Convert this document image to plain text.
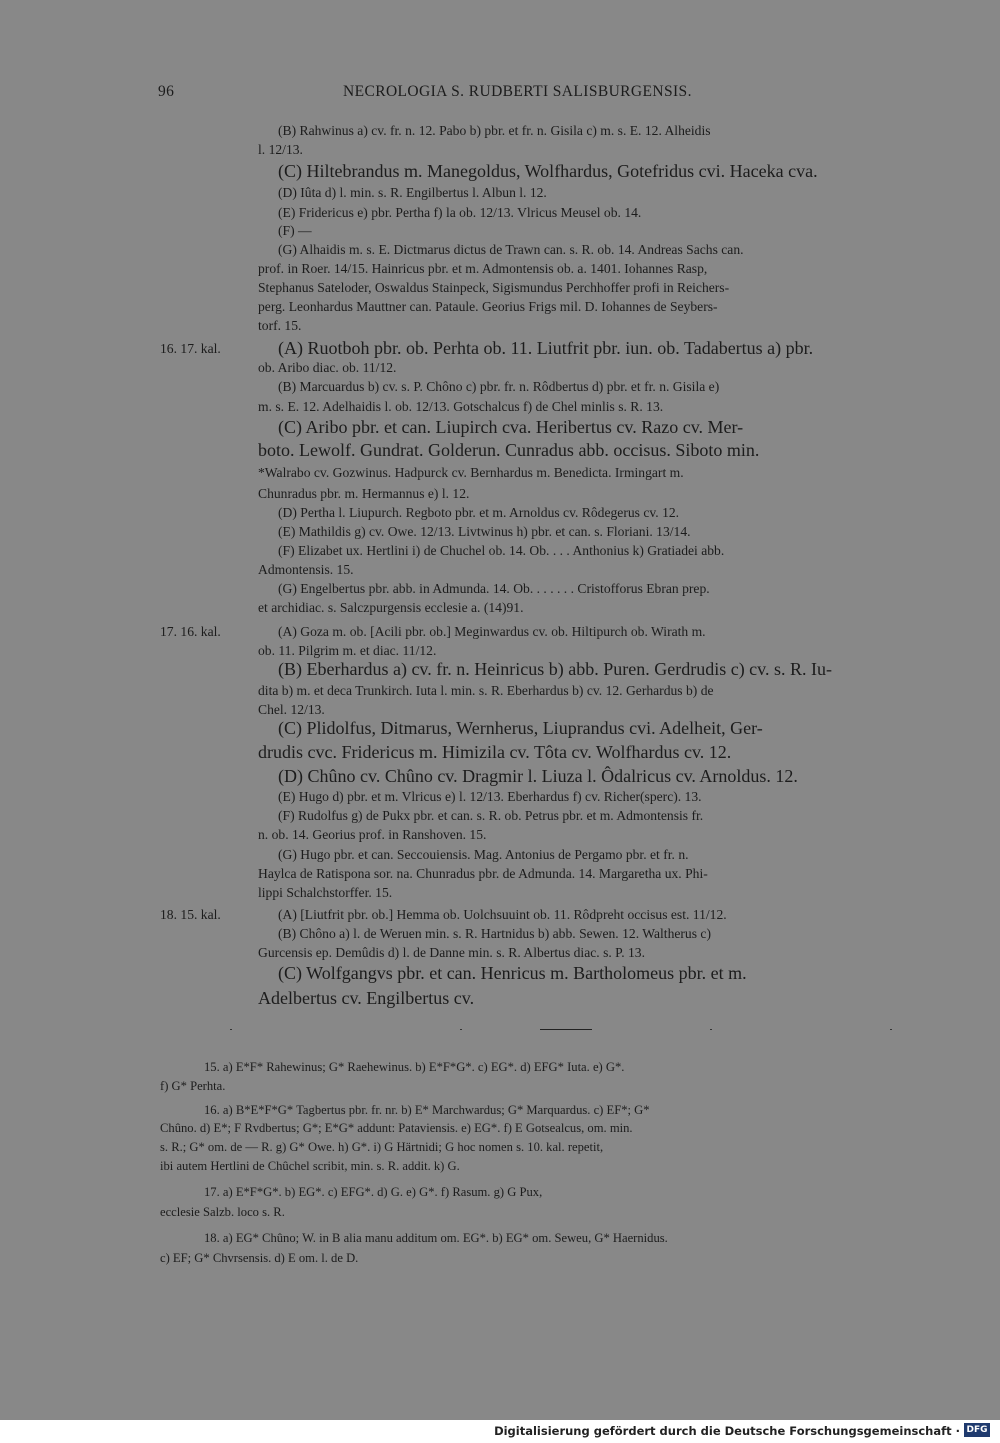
96	NECROLOGIA S. RUDBERTI SALISBURGENSIS.
(B) Rahwinus a) cv. fr. n. 12. Pabo b) pbr. et fr. n. Gisila c) m. s. E. 12. Alheidis
l. 12/13.
(C) Hiltebrandus m. Manegoldus, Wolfhardus, Gotefridus cvi. Haceka cva.
(D) Iûta d) l. min. s. R. Engilbertus l. Albun l. 12.
(E) Fridericus e) pbr. Pertha f) la ob. 12/13. Vlricus Meusel ob. 14.
(F) —
(G) Alhaidis m. s. E. Dictmarus dictus de Trawn can. s. R. ob. 14. Andreas Sachs can.
prof. in Roer. 14/15. Hainricus pbr. et m. Admontensis ob. a. 1401. Iohannes Rasp,
Stephanus Sateloder, Oswaldus Stainpeck, Sigismundus Perchhoffer profi in Reichers-
perg. Leonhardus Mauttner can. Pataule. Georius Frigs mil. D. Iohannes de Seybers-
torf. 15.
16. 17. kal.	(A) Ruotboh pbr. ob. Perhta ob. 11. Liutfrit pbr. iun. ob. Tadabertus a) pbr.
ob. Aribo diac. ob. 11/12.
(B) Marcuardus b) cv. s. P. Chôno c) pbr. fr. n. Rôdbertus d) pbr. et fr. n. Gisila e)
m. s. E. 12. Adelhaidis l. ob. 12/13. Gotschalcus f) de Chel minlis s. R. 13.
(C) Aribo pbr. et can. Liupirch cva. Heribertus cv. Razo cv. Mer-
boto. Lewolf. Gundrat. Golderun. Cunradus abb. occisus. Siboto min.
*Walrabo cv. Gozwinus. Hadpurck cv. Bernhardus m. Benedicta. Irmingart m.
Chunradus pbr. m. Hermannus e) l. 12.
(D) Pertha l. Liupurch. Regboto pbr. et m. Arnoldus cv. Rôdegerus cv. 12.
(E) Mathildis g) cv. Owe. 12/13. Livtwinus h) pbr. et can. s. Floriani. 13/14.
(F) Elizabet ux. Hertlini i) de Chuchel ob. 14. Ob. . . . Anthonius k) Gratiadei abb.
Admontensis. 15.
(G) Engelbertus pbr. abb. in Admunda. 14. Ob. . . . . . . Cristofforus Ebran prep.
et archidiac. s. Salczpurgensis ecclesie a. (14)91.
17. 16. kal.	(A) Goza m. ob. [Acili pbr. ob.] Meginwardus cv. ob. Hiltipurch ob. Wirath m.
ob. 11. Pilgrim m. et diac. 11/12.
(B) Eberhardus a) cv. fr. n. Heinricus b) abb. Puren. Gerdrudis c) cv. s. R. Iu-
dita b) m. et deca Trunkirch. Iuta l. min. s. R. Eberhardus b) cv. 12. Gerhardus b) de
Chel. 12/13.
(C) Plidolfus, Ditmarus, Wernherus, Liuprandus cvi. Adelheit, Ger-
drudis cvc. Fridericus m. Himizila cv. Tôta cv. Wolfhardus cv. 12.
(D) Chûno cv. Chûno cv. Dragmir l. Liuza l. Ôdalricus cv. Arnoldus. 12.
(E) Hugo d) pbr. et m. Vlricus e) l. 12/13. Eberhardus f) cv. Richer(sperc). 13.
(F) Rudolfus g) de Pukx pbr. et can. s. R. ob. Petrus pbr. et m. Admontensis fr.
n. ob. 14. Georius prof. in Ranshoven. 15.
(G) Hugo pbr. et can. Seccouiensis. Mag. Antonius de Pergamo pbr. et fr. n.
Haylca de Ratispona sor. na. Chunradus pbr. de Admunda. 14. Margaretha ux. Phi-
lippi Schalchstorffer. 15.
18. 15. kal.	(A) [Liutfrit pbr. ob.] Hemma ob. Uolchsuuint ob. 11. Rôdpreht occisus est. 11/12.
(B) Chôno a) l. de Weruen min. s. R. Hartnidus b) abb. Sewen. 12. Waltherus c)
Gurcensis ep. Demûdis d) l. de Danne min. s. R. Albertus diac. s. P. 13.
(C) Wolfgangvs pbr. et can. Henricus m. Bartholomeus pbr. et m.
Adelbertus cv. Engilbertus cv.
15. a) E*F* Rahewinus; G* Raehewinus. b) E*F*G*. c) EG*. d) EFG* Iuta. e) G*.
f) G* Perhta.
16. a) B*E*F*G* Tagbertus pbr. fr. nr. b) E* Marchwardus; G* Marquardus. c) EF*; G*
Chûno. d) E*; F Rvdbertus; G*; E*G* addunt: Pataviensis. e) EG*. f) E Gotsealcus, om. min.
s. R.; G* om. de — R. g) G* Owe. h) G*. i) G Härtnidi; G hoc nomen s. 10. kal. repetit,
ibi autem Hertlini de Chûchel scribit, min. s. R. addit. k) G.
17. a) E*F*G*. b) EG*. c) EFG*. d) G. e) G*. f) Rasum. g) G Pux,
ecclesie Salzb. loco s. R.
18. a) EG* Chûno; W. in B alia manu additum om. EG*. b) EG* om. Seweu, G* Haernidus.
c) EF; G* Chvrsensis. d) E om. l. de D.
Digitalisierung gefördert durch die Deutsche Forschungsgemeinschaft · DFG
